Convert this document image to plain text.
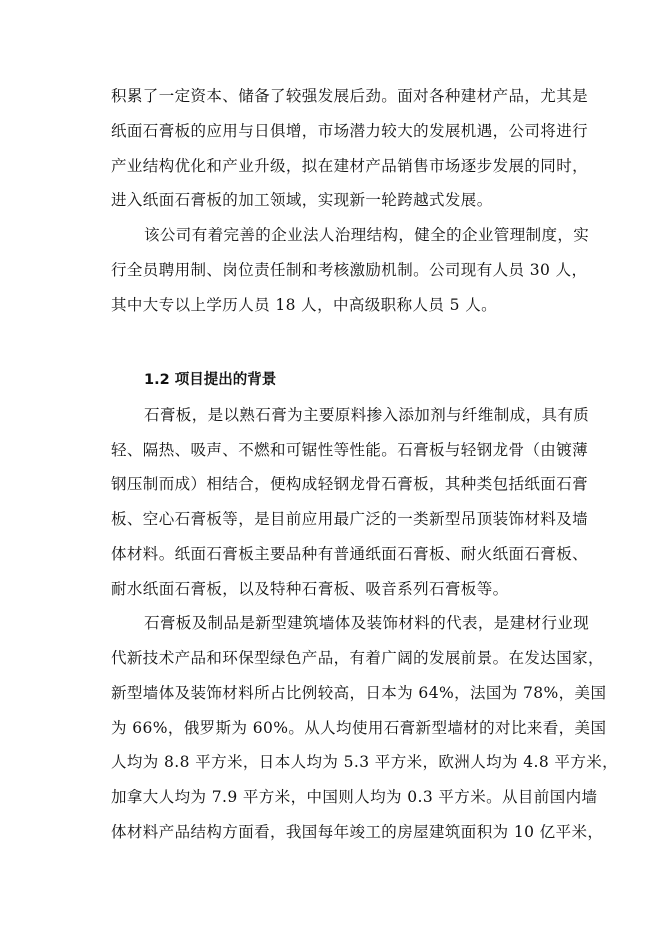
积累了一定资本、储备了较强发展后劲。面对各种建材产品，尤其是
纸面石膏板的应用与日俱增，市场潜力较大的发展机遇，公司将进行
产业结构优化和产业升级，拟在建材产品销售市场逐步发展的同时，
进入纸面石膏板的加工领域，实现新一轮跨越式发展。
该公司有着完善的企业法人治理结构，健全的企业管理制度，实
行全员聘用制、岗位责任制和考核激励机制。公司现有人员 30 人，
其中大专以上学历人员 18 人，中高级职称人员 5 人。
1.2 项目提出的背景
石膏板，是以熟石膏为主要原料掺入添加剂与纤维制成，具有质
轻、隔热、吸声、不燃和可锯性等性能。石膏板与轻钢龙骨（由镀薄
钢压制而成）相结合，便构成轻钢龙骨石膏板，其种类包括纸面石膏
板、空心石膏板等，是目前应用最广泛的一类新型吊顶装饰材料及墙
体材料。纸面石膏板主要品种有普通纸面石膏板、耐火纸面石膏板、
耐水纸面石膏板，以及特种石膏板、吸音系列石膏板等。
石膏板及制品是新型建筑墙体及装饰材料的代表，是建材行业现
代新技术产品和环保型绿色产品，有着广阔的发展前景。在发达国家，
新型墙体及装饰材料所占比例较高，日本为 64%，法国为 78%，美国
为 66%，俄罗斯为 60%。从人均使用石膏新型墙材的对比来看，美国
人均为 8.8 平方米，日本人均为 5.3 平方米，欧洲人均为 4.8 平方米，
加拿大人均为 7.9 平方米，中国则人均为 0.3 平方米。从目前国内墙
体材料产品结构方面看，我国每年竣工的房屋建筑面积为 10 亿平米，
